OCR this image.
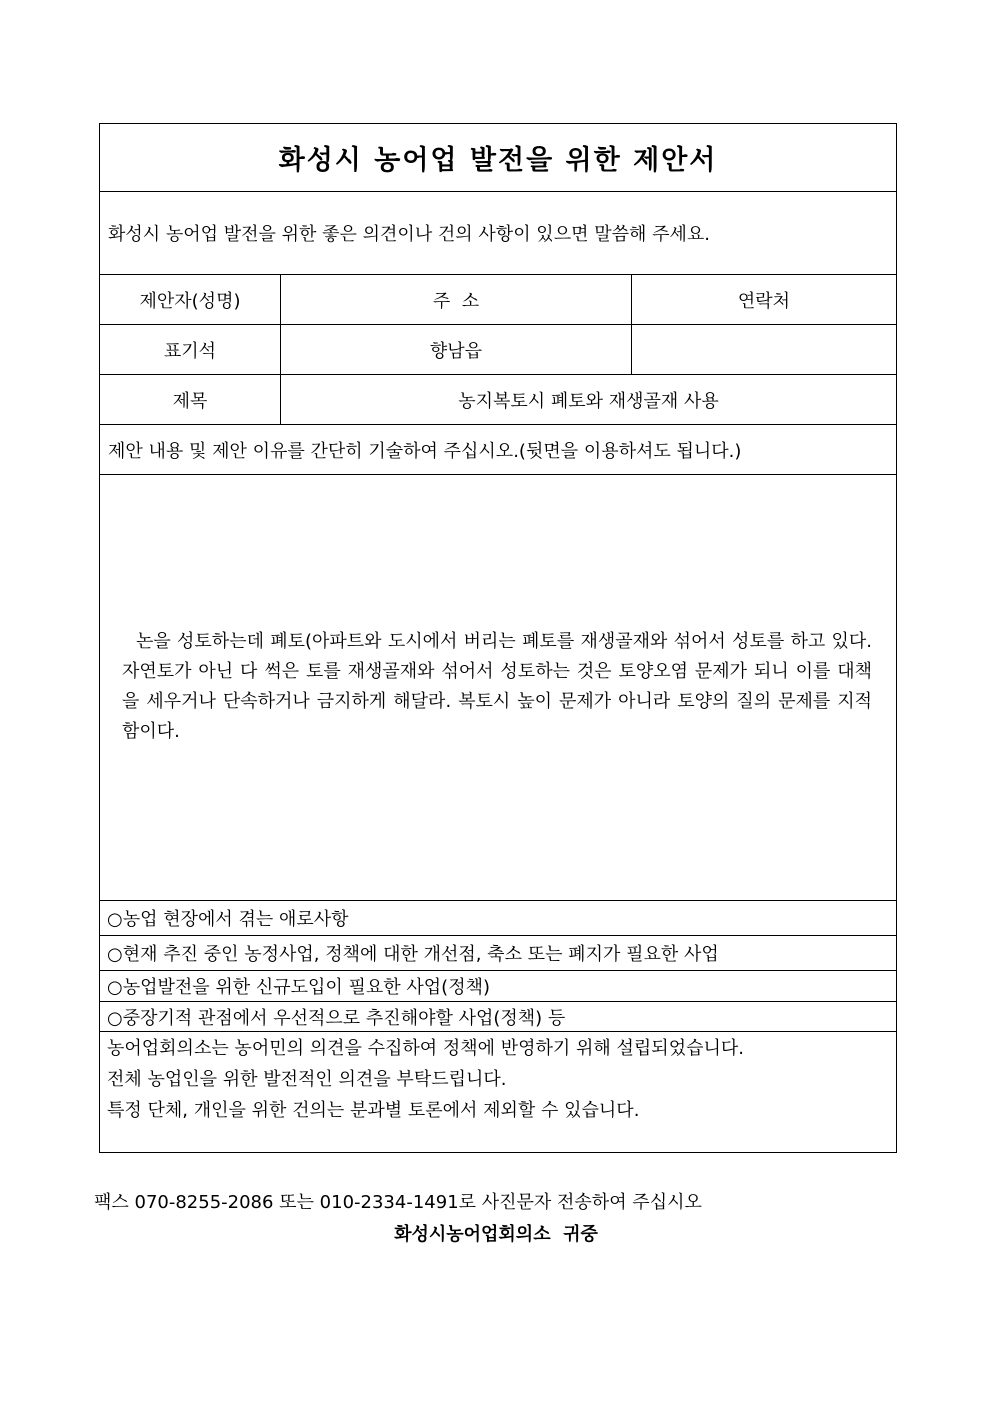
화성시 농어업 발전을 위한 제안서
화성시 농어업 발전을 위한 좋은 의견이나 건의 사항이 있으면 말씀해 주세요.
제안자(성명)	주  소	연락처
표기석	향남읍
제목	농지복토시 폐토와 재생골재 사용
제안 내용 및 제안 이유를 간단히 기술하여 주십시오.(뒷면을 이용하셔도 됩니다.)
논을 성토하는데 폐토(아파트와 도시에서 버리는 폐토를 재생골재와 섞어서 성토를 하고 있다. 자연토가 아닌 다 썩은 토를 재생골재와 섞어서 성토하는 것은 토양오염 문제가 되니 이를 대책을 세우거나 단속하거나 금지하게 해달라. 복토시 높이 문제가 아니라 토양의 질의 문제를 지적함이다.
○농업 현장에서 겪는 애로사항
○현재 추진 중인 농정사업, 정책에 대한 개선점, 축소 또는 폐지가 필요한 사업
○농업발전을 위한 신규도입이 필요한 사업(정책)
○중장기적 관점에서 우선적으로 추진해야할 사업(정책) 등
농어업회의소는 농어민의 의견을 수집하여 정책에 반영하기 위해 설립되었습니다.
전체 농업인을 위한 발전적인 의견을 부탁드립니다.
특정 단체, 개인을 위한 건의는 분과별 토론에서 제외할 수 있습니다.
팩스 070-8255-2086 또는 010-2334-1491로 사진문자 전송하여 주십시오
화성시농어업회의소  귀중
